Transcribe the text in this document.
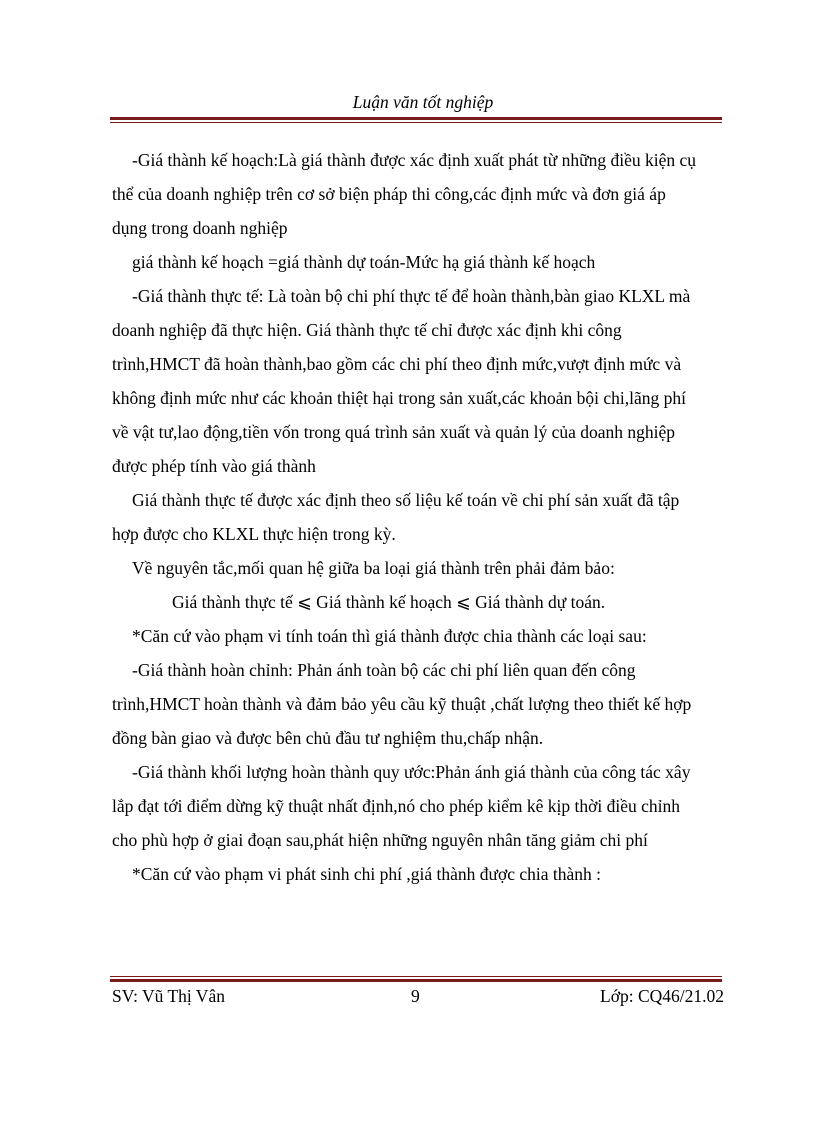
Luận văn tốt nghiệp
-Giá thành kế hoạch:Là giá thành được xác định xuất phát từ những điều kiện cụ
thể của doanh nghiệp trên cơ sở biện pháp thi công,các định mức và đơn giá áp
dụng trong doanh nghiệp
giá thành kế hoạch =giá thành dự toán-Mức hạ giá thành kế hoạch
-Giá thành thực tế: Là toàn bộ chi phí thực tế để hoàn thành,bàn giao KLXL mà
doanh nghiệp đã thực hiện. Giá thành thực tế chỉ được xác định khi công
trình,HMCT đã hoàn thành,bao gồm các chi phí theo định mức,vượt định mức và
không định mức như các khoản thiệt hại trong sản xuất,các khoản bội chi,lãng phí
về vật tư,lao động,tiền vốn trong quá trình sản xuất và quản lý của doanh nghiệp
được phép tính vào giá thành
Giá thành thực tế được xác định theo số liệu kế toán về chi phí sản xuất đã tập
hợp được cho KLXL thực hiện trong kỳ.
Về nguyên tắc,mối quan hệ giữa ba loại giá thành trên phải đảm bảo:
Giá thành thực tế ⩽ Giá thành kế hoạch ⩽ Giá thành dự toán.
*Căn cứ vào phạm vi tính toán thì giá thành được chia thành các loại sau:
-Giá thành hoàn chỉnh: Phản ánh toàn bộ các chi phí liên quan đến công
trình,HMCT hoàn thành và đảm bảo yêu cầu kỹ thuật ,chất lượng theo thiết kế hợp
đồng bàn giao và được bên chủ đầu tư nghiệm thu,chấp nhận.
-Giá thành khối lượng hoàn thành quy ước:Phản ánh giá thành của công tác xây
lắp đạt tới điểm dừng kỹ thuật nhất định,nó cho phép kiểm kê kịp thời điều chỉnh
cho phù hợp ở giai đoạn sau,phát hiện những nguyên nhân tăng giảm chi phí
*Căn cứ vào phạm vi phát sinh chi phí ,giá thành được chia thành :
SV: Vũ Thị Vân	9	Lớp: CQ46/21.02
